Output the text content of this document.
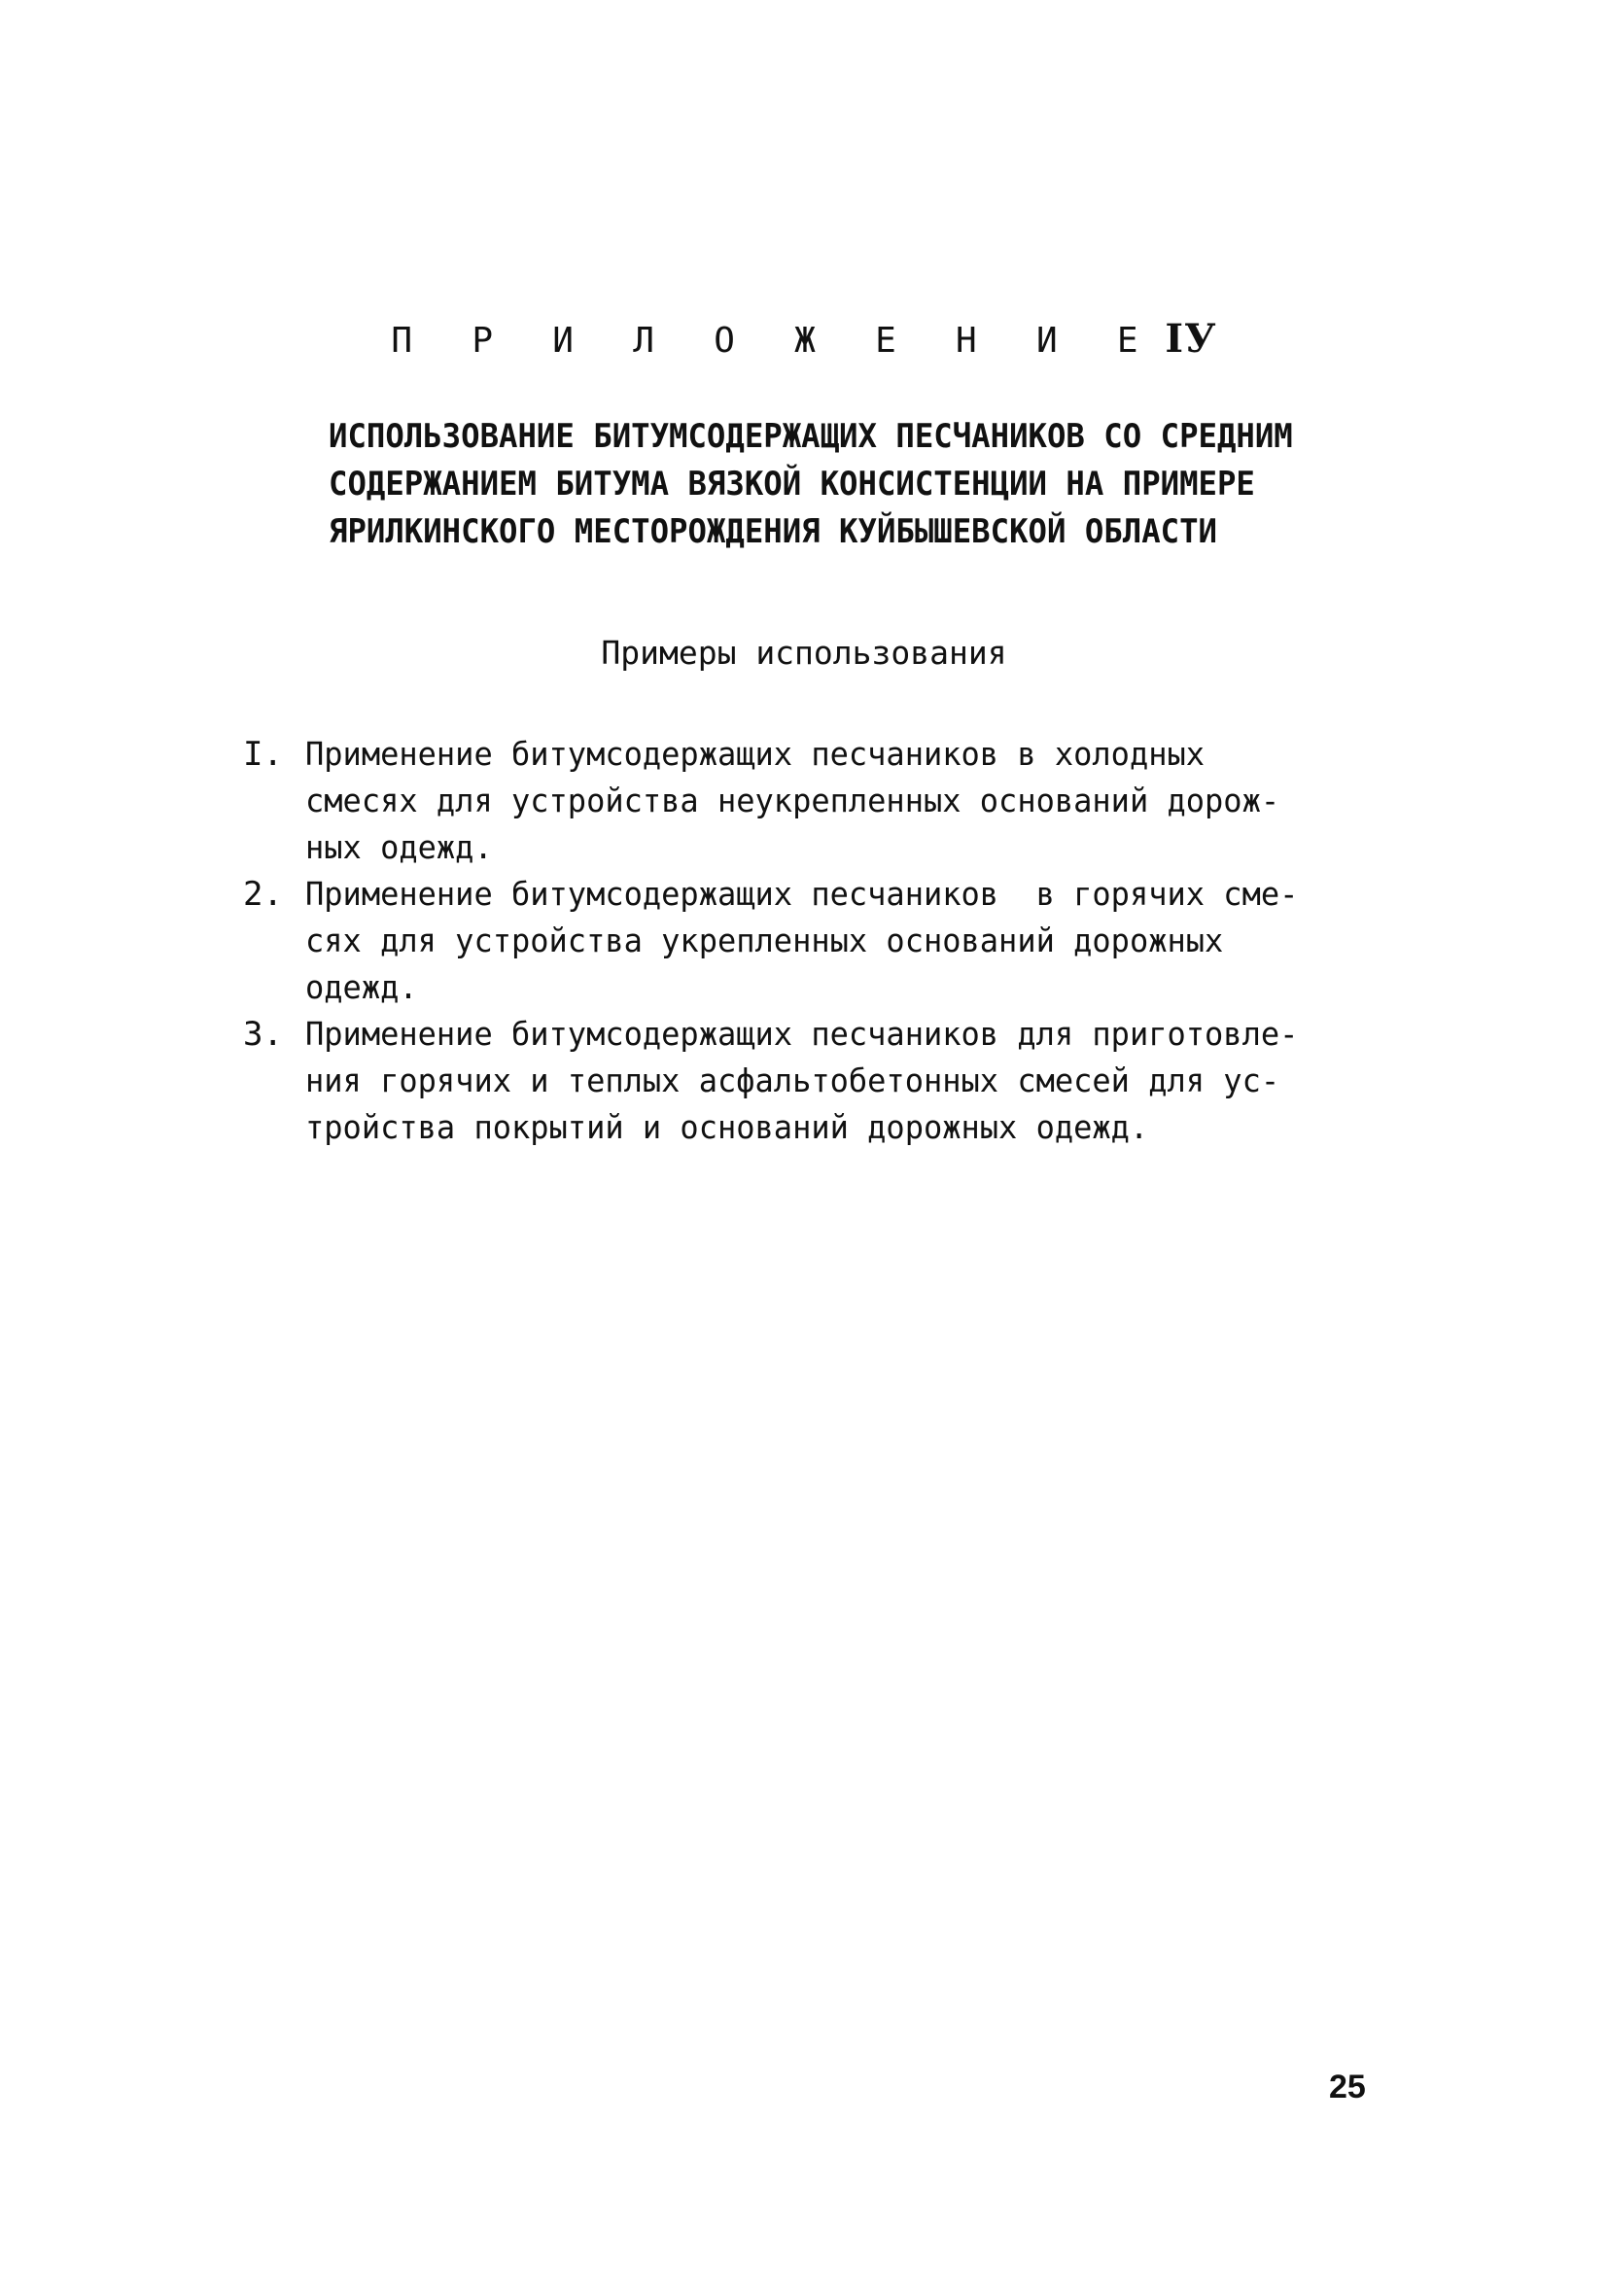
П Р И Л О Ж Е Н И Е IУ
ИСПОЛЬЗОВАНИЕ БИТУМСОДЕРЖАЩИХ ПЕСЧАНИКОВ СО СРЕДНИМ
СОДЕРЖАНИЕМ БИТУМА ВЯЗКОЙ КОНСИСТЕНЦИИ НА ПРИМЕРЕ
ЯРИЛКИНСКОГО МЕСТОРОЖДЕНИЯ КУЙБЫШЕВСКОЙ ОБЛАСТИ
Примеры использования
I. Применение битумсодержащих песчаников в холодных
смесях для устройства неукрепленных оснований дорож-
ных одежд.
2. Применение битумсодержащих песчаников  в горячих сме-
сях для устройства укрепленных оснований дорожных
одежд.
3. Применение битумсодержащих песчаников для приготовле-
ния горячих и теплых асфальтобетонных смесей для ус-
тройства покрытий и оснований дорожных одежд.
25
